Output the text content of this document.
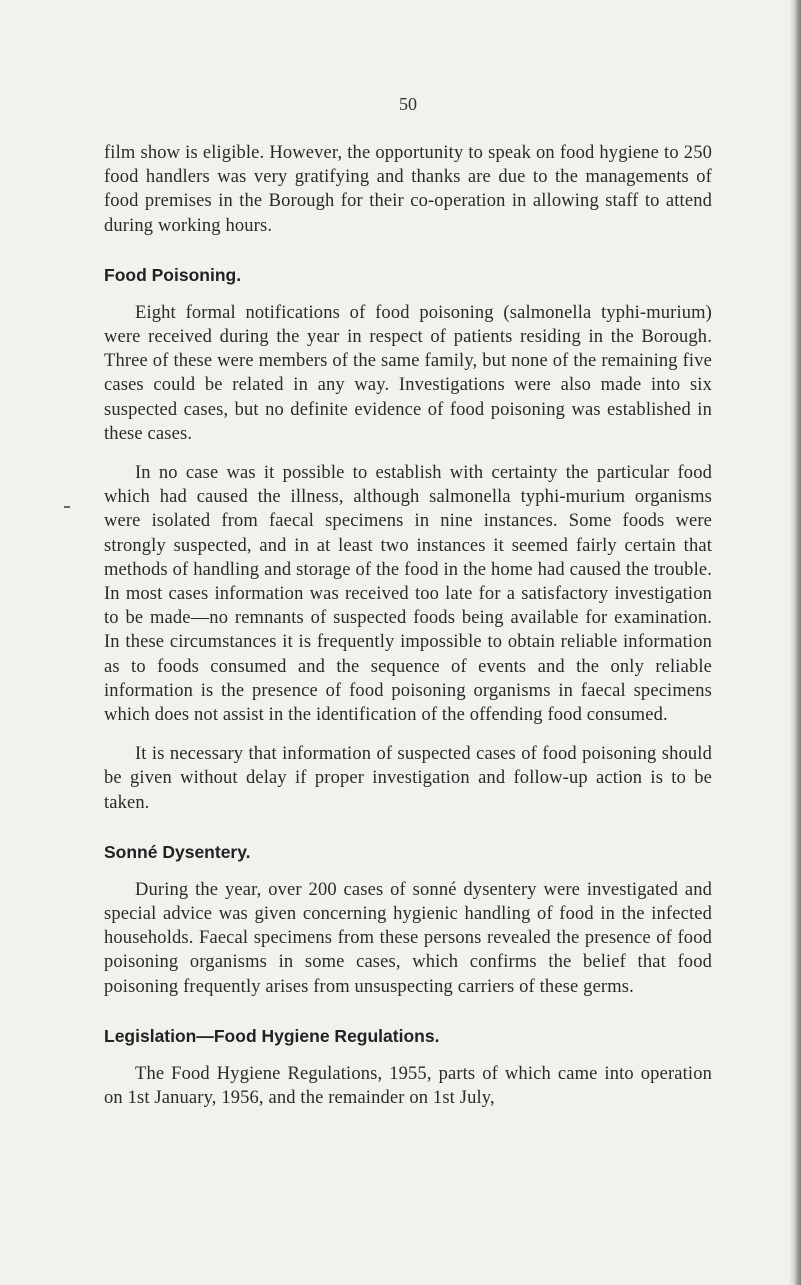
50

film show is eligible. However, the opportunity to speak on food hygiene to 250 food handlers was very gratifying and thanks are due to the managements of food premises in the Borough for their co-operation in allowing staff to attend during working hours.

Food Poisoning.

Eight formal notifications of food poisoning (salmonella typhi-murium) were received during the year in respect of patients residing in the Borough. Three of these were members of the same family, but none of the remaining five cases could be related in any way. Investigations were also made into six suspected cases, but no definite evidence of food poisoning was established in these cases.

In no case was it possible to establish with certainty the particular food which had caused the illness, although salmonella typhi-murium organisms were isolated from faecal specimens in nine instances. Some foods were strongly suspected, and in at least two instances it seemed fairly certain that methods of handling and storage of the food in the home had caused the trouble. In most cases information was received too late for a satisfactory investigation to be made—no remnants of suspected foods being available for examination. In these circumstances it is frequently impossible to obtain reliable information as to foods consumed and the sequence of events and the only reliable information is the presence of food poisoning organisms in faecal specimens which does not assist in the identification of the offending food consumed.

It is necessary that information of suspected cases of food poisoning should be given without delay if proper investigation and follow-up action is to be taken.

Sonné Dysentery.

During the year, over 200 cases of sonné dysentery were investigated and special advice was given concerning hygienic handling of food in the infected households. Faecal specimens from these persons revealed the presence of food poisoning organisms in some cases, which confirms the belief that food poisoning frequently arises from unsuspecting carriers of these germs.

Legislation—Food Hygiene Regulations.

The Food Hygiene Regulations, 1955, parts of which came into operation on 1st January, 1956, and the remainder on 1st July,
